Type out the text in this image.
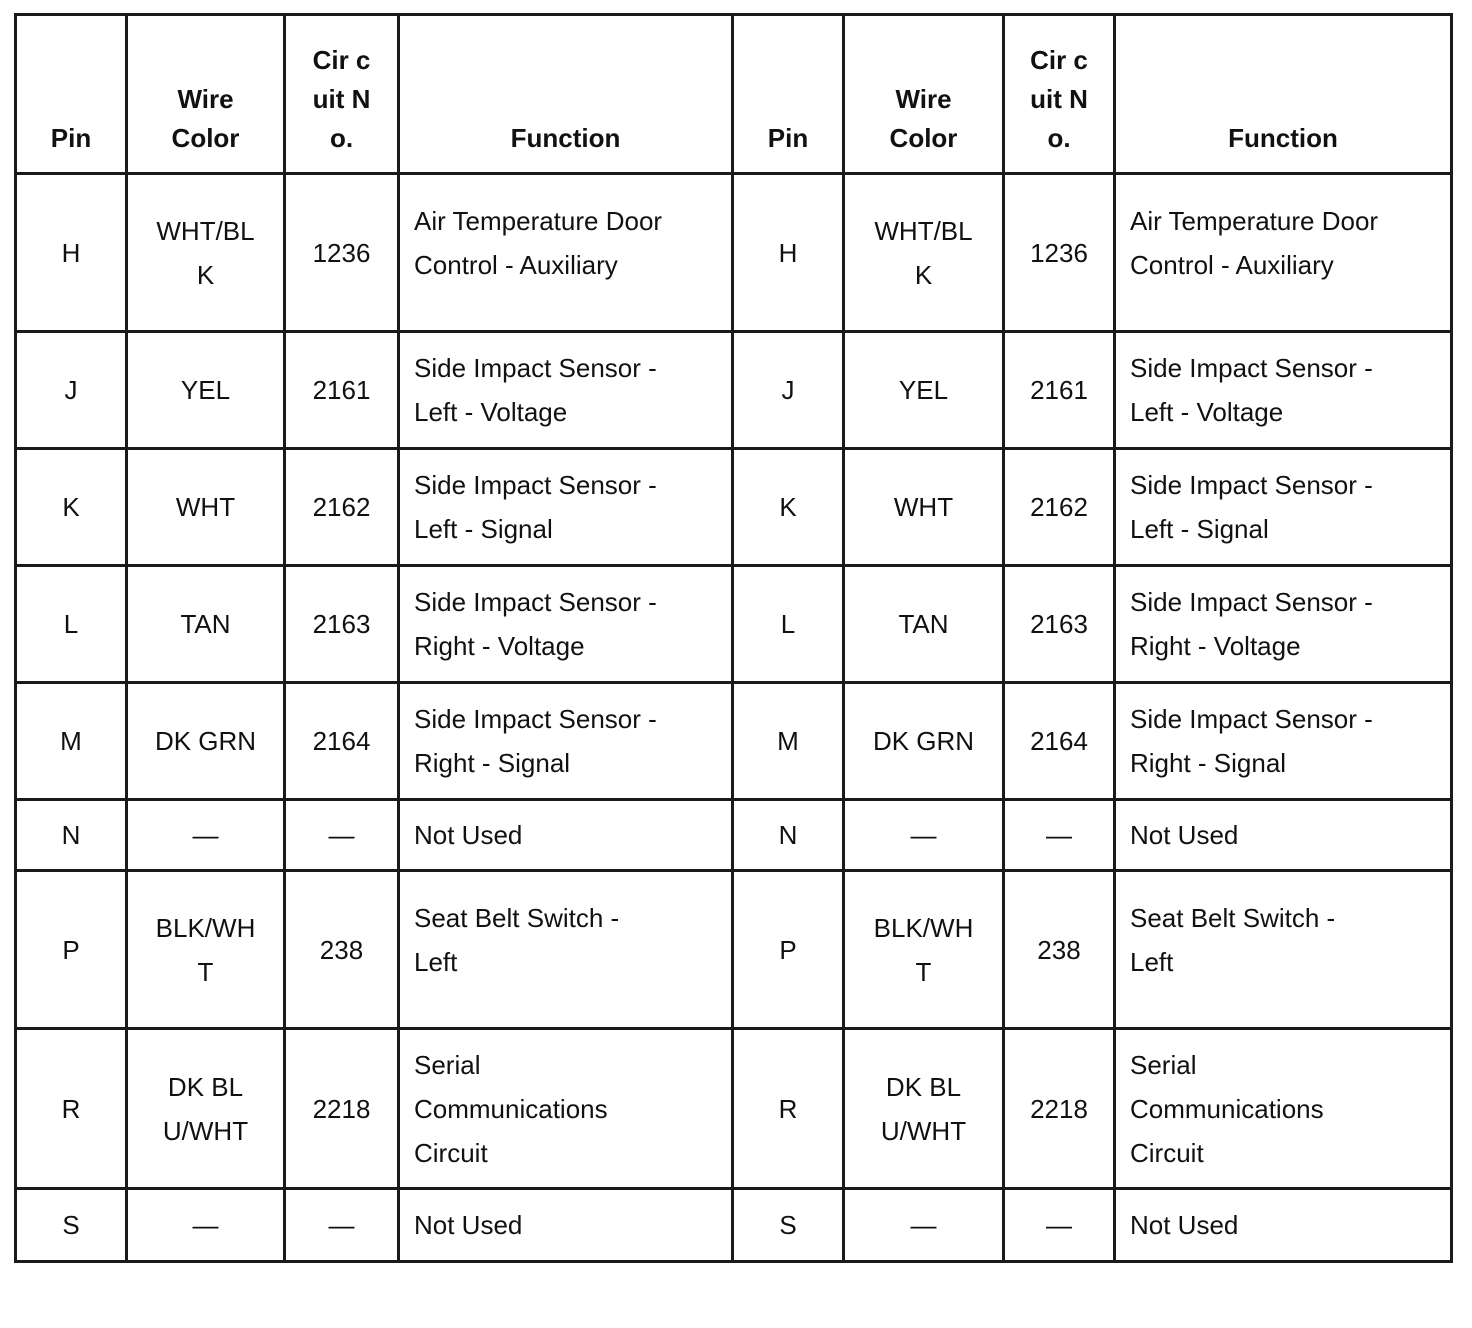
Pin	Wire Color	Cir cuit No.	Function	Pin	Wire Color	Cir cuit No.	Function
H	WHT/BLK	1236	Air Temperature Door Control - Auxiliary	H	WHT/BLK	1236	Air Temperature Door Control - Auxiliary

J	YEL	2161	Side Impact Sensor - Left - Voltage	J	YEL	2161	Side Impact Sensor - Left - Voltage

K	WHT	2162	Side Impact Sensor - Left - Signal	K	WHT	2162	Side Impact Sensor - Left - Signal

L	TAN	2163	Side Impact Sensor - Right - Voltage	L	TAN	2163	Side Impact Sensor - Right - Voltage

M	DK GRN	2164	Side Impact Sensor - Right - Signal	M	DK GRN	2164	Side Impact Sensor - Right - Signal

N	—	—	Not Used	N	—	—	Not Used
P	BLK/WHT	238	Seat Belt Switch - Left	P	BLK/WHT	238	Seat Belt Switch - Left

R	DK BLU/WHT	2218	Serial Communications Circuit	R	DK BLU/WHT	2218	Serial Communications Circuit

S	—	—	Not Used	S	—	—	Not Used
